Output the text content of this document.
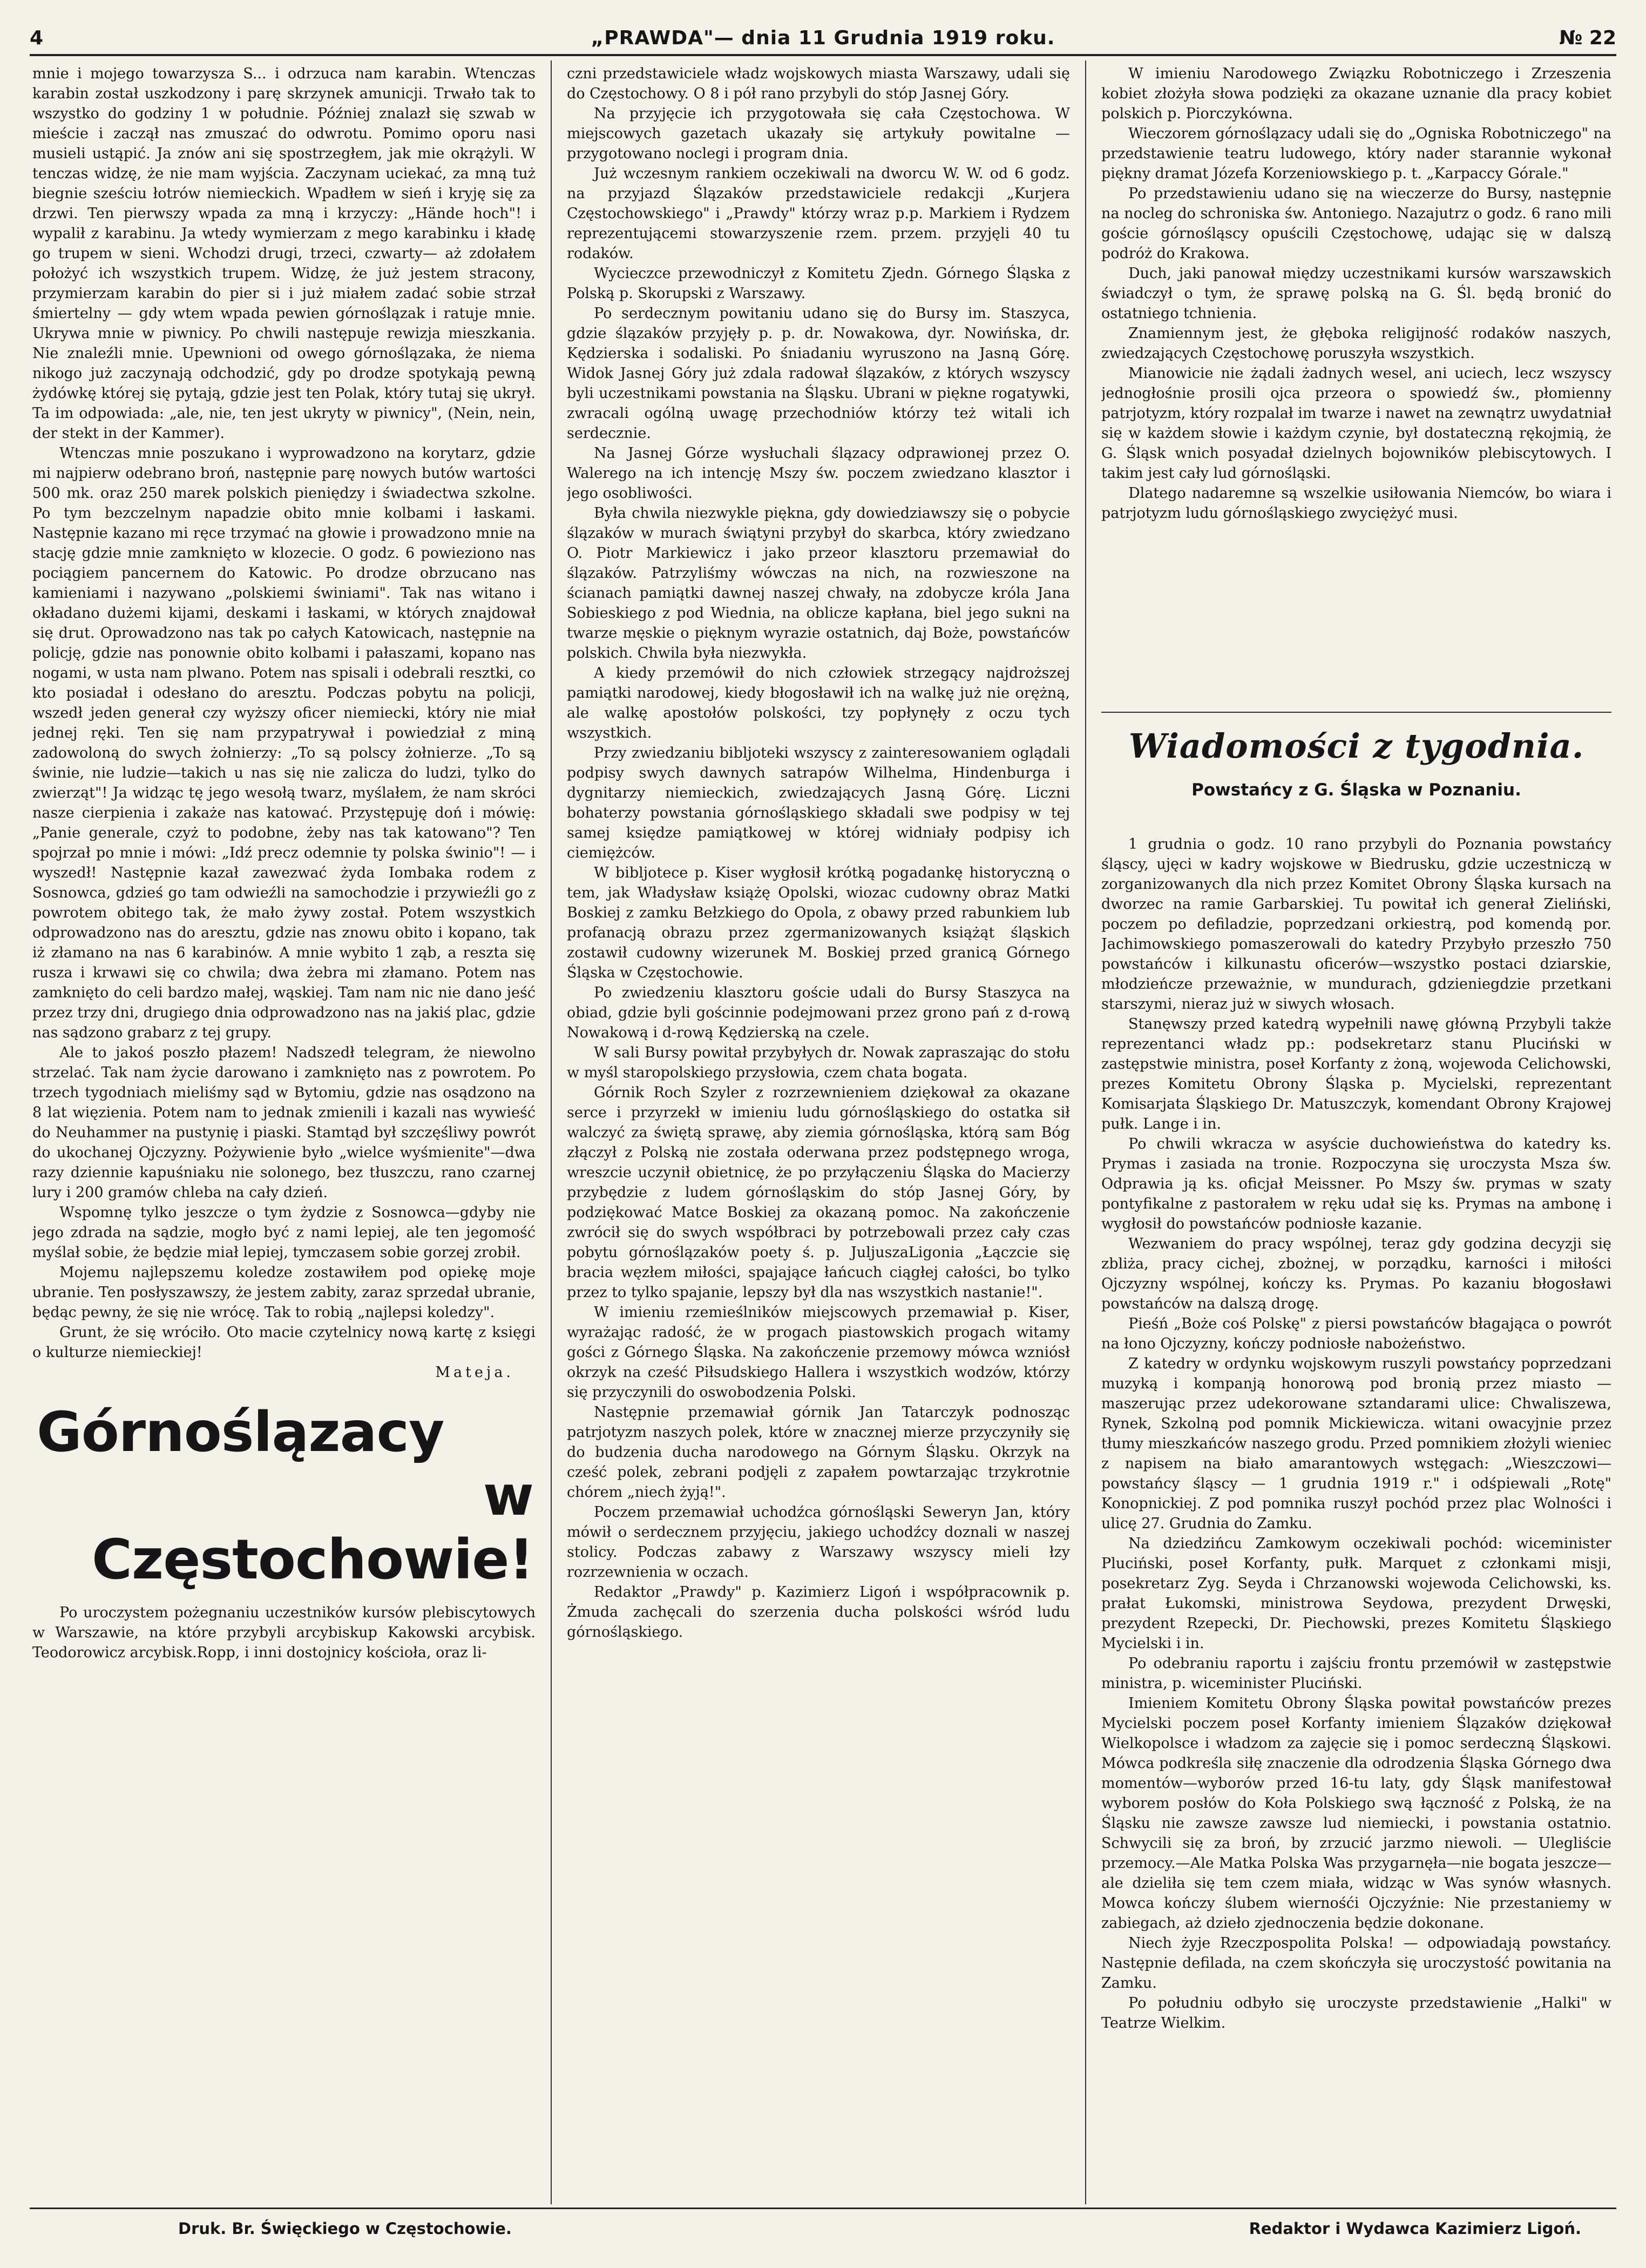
4	„PRAWDA"— dnia 11 Grudnia 1919 roku.	№ 22

mnie i mojego towarzysza S... i odrzuca nam karabin. Wtenczas karabin został uszkodzony i parę skrzynek amunicji. Trwało tak to wszystko do godziny 1 w południe. Później znalazł się szwab w mieście i zaczął nas zmuszać do odwrotu. Pomimo oporu nasi musieli ustąpić. Ja znów ani się spostrzegłem, jak mie okrążyli. W tenczas widzę, że nie mam wyjścia. Zaczynam uciekać, za mną tuż biegnie sześciu łotrów niemieckich. Wpadłem w sień i kryję się za drzwi. Ten pierwszy wpada za mną i krzyczy: „Hände hoch"! i wypalił z karabinu. Ja wtedy wymierzam z mego karabinku i kładę go trupem w sieni. Wchodzi drugi, trzeci, czwarty— aż zdołałem położyć ich wszystkich trupem. Widzę, że już jestem stracony, przymierzam karabin do pier si i już miałem zadać sobie strzał śmiertelny — gdy wtem wpada pewien górnoślązak i ratuje mnie. Ukrywa mnie w piwnicy. Po chwili następuje rewizja mieszkania. Nie znaleźli mnie. Upewnioni od owego górnoślązaka, że niema nikogo już zaczynają odchodzić, gdy po drodze spotykają pewną żydówkę której się pytają, gdzie jest ten Polak, który tutaj się ukrył. Ta im odpowiada: „ale, nie, ten jest ukryty w piwnicy", (Nein, nein, der stekt in der Kammer).

Wtenczas mnie poszukano i wyprowadzono na korytarz, gdzie mi najpierw odebrano broń, następnie parę nowych butów wartości 500 mk. oraz 250 marek polskich pieniędzy i świadectwa szkolne. Po tym bezczelnym napadzie obito mnie kolbami i łaskami. Następnie kazano mi ręce trzymać na głowie i prowadzono mnie na stację gdzie mnie zamknięto w klozecie. O godz. 6 powieziono nas pociągiem pancernem do Katowic. Po drodze obrzucano nas kamieniami i nazywano „polskiemi świniami". Tak nas witano i okładano dużemi kijami, deskami i łaskami, w których znajdował się drut. Oprowadzono nas tak po całych Katowicach, następnie na policję, gdzie nas ponownie obito kolbami i pałaszami, kopano nas nogami, w usta nam plwano. Potem nas spisali i odebrali resztki, co kto posiadał i odesłano do aresztu. Podczas pobytu na policji, wszedł jeden generał czy wyższy oficer niemiecki, który nie miał jednej ręki. Ten się nam przypatrywał i powiedział z miną zadowoloną do swych żołnierzy: „To są polscy żołnierze. „To są świnie, nie ludzie—takich u nas się nie zalicza do ludzi, tylko do zwierząt"! Ja widząc tę jego wesołą twarz, myślałem, że nam skróci nasze cierpienia i zakaże nas katować. Przystępuję doń i mówię: „Panie generale, czyż to podobne, żeby nas tak katowano"? Ten spojrzał po mnie i mówi: „Idź precz odemnie ty polska świnio"! — i wyszedł! Następnie kazał zawezwać żyda Iombaka rodem z Sosnowca, gdzieś go tam odwieźli na samochodzie i przywieźli go z powrotem obitego tak, że mało żywy został. Potem wszystkich odprowadzono nas do aresztu, gdzie nas znowu obito i kopano, tak iż złamano na nas 6 karabinów. A mnie wybito 1 ząb, a reszta się rusza i krwawi się co chwila; dwa żebra mi złamano. Potem nas zamknięto do celi bardzo małej, wąskiej. Tam nam nic nie dano jeść przez trzy dni, drugiego dnia odprowadzono nas na jakiś plac, gdzie nas sądzono grabarz z tej grupy.

Ale to jakoś poszło płazem! Nadszedł telegram, że niewolno strzelać. Tak nam życie darowano i zamknięto nas z powrotem. Po trzech tygodniach mieliśmy sąd w Bytomiu, gdzie nas osądzono na 8 lat więzienia. Potem nam to jednak zmienili i kazali nas wywieść do Neuhammer na pustynię i piaski. Stamtąd był szczęśliwy powrót do ukochanej Ojczyzny. Pożywienie było „wielce wyśmienite"—dwa razy dziennie kapuśniaku nie solonego, bez tłuszczu, rano czarnej lury i 200 gramów chleba na cały dzień.

Wspomnę tylko jeszcze o tym żydzie z Sosnowca—gdyby nie jego zdrada na sądzie, mogło być z nami lepiej, ale ten jegomość myślał sobie, że będzie miał lepiej, tymczasem sobie gorzej zrobił.

Mojemu najlepszemu koledze zostawiłem pod opiekę moje ubranie. Ten posłyszawszy, że jestem zabity, zaraz sprzedał ubranie, będąc pewny, że się nie wrócę. Tak to robią „najlepsi koledzy".

Grunt, że się wróciło. Oto macie czytelnicy nową kartę z księgi o kulturze niemieckiej!

Mateja.

Górnoślązacy
w Częstochowie!

Po uroczystem pożegnaniu uczestników kursów plebiscytowych w Warszawie, na które przybyli arcybiskup Kakowski arcybisk. Teodorowicz arcybisk.Ropp, i inni dostojnicy kościoła, oraz li-

czni przedstawiciele władz wojskowych miasta Warszawy, udali się do Częstochowy. O 8 i pół rano przybyli do stóp Jasnej Góry.

Na przyjęcie ich przygotowała się cała Częstochowa. W miejscowych gazetach ukazały się artykuły powitalne — przygotowano noclegi i program dnia.

Już wczesnym rankiem oczekiwali na dworcu W. W. od 6 godz. na przyjazd Ślązaków przedstawiciele redakcji „Kurjera Częstochowskiego" i „Prawdy" którzy wraz p.p. Markiem i Rydzem reprezentującemi stowarzyszenie rzem. przem. przyjęli 40 tu rodaków.

Wycieczce przewodniczył z Komitetu Zjedn. Górnego Śląska z Polską p. Skorupski z Warszawy.

Po serdecznym powitaniu udano się do Bursy im. Staszyca, gdzie ślązaków przyjęły p. p. dr. Nowakowa, dyr. Nowińska, dr. Kędzierska i sodaliski. Po śniadaniu wyruszono na Jasną Górę. Widok Jasnej Góry już zdala radował ślązaków, z których wszyscy byli uczestnikami powstania na Śląsku. Ubrani w piękne rogatywki, zwracali ogólną uwagę przechodniów którzy też witali ich serdecznie.

Na Jasnej Górze wysłuchali ślązacy odprawionej przez O. Walerego na ich intencję Mszy św. poczem zwiedzano klasztor i jego osobliwości.

Była chwila niezwykle piękna, gdy dowiedziawszy się o pobycie ślązaków w murach świątyni przybył do skarbca, który zwiedzano O. Piotr Markiewicz i jako przeor klasztoru przemawiał do ślązaków. Patrzyliśmy wówczas na nich, na rozwieszone na ścianach pamiątki dawnej naszej chwały, na zdobycze króla Jana Sobieskiego z pod Wiednia, na oblicze kapłana, biel jego sukni na twarze męskie o pięknym wyrazie ostatnich, daj Boże, powstańców polskich. Chwila była niezwykła.

A kiedy przemówił do nich człowiek strzegący najdroższej pamiątki narodowej, kiedy błogosławił ich na walkę już nie orężną, ale walkę apostołów polskości, tzy popłynęły z oczu tych wszystkich.

Przy zwiedzaniu bibljoteki wszyscy z zainteresowaniem oglądali podpisy swych dawnych satrapów Wilhelma, Hindenburga i dygnitarzy niemieckich, zwiedzających Jasną Górę. Liczni bohaterzy powstania górnośląskiego składali swe podpisy w tej samej księdze pamiątkowej w której widniały podpisy ich ciemiężców.

W bibljotece p. Kiser wygłosił krótką pogadankę historyczną o tem, jak Władysław książę Opolski, wiozac cudowny obraz Matki Boskiej z zamku Bełzkiego do Opola, z obawy przed rabunkiem lub profanacją obrazu przez zgermanizowanych książąt śląskich zostawił cudowny wizerunek M. Boskiej przed granicą Górnego Śląska w Częstochowie.

Po zwiedzeniu klasztoru goście udali do Bursy Staszyca na obiad, gdzie byli gościnnie podejmowani przez grono pań z d-rową Nowakową i d-rową Kędzierską na czele.

W sali Bursy powitał przybyłych dr. Nowak zapraszając do stołu w myśl staropolskiego przysłowia, czem chata bogata.

Górnik Roch Szyler z rozrzewnieniem dziękował za okazane serce i przyrzekł w imieniu ludu górnośląskiego do ostatka sił walczyć za świętą sprawę, aby ziemia górnośląska, którą sam Bóg złączył z Polską nie została oderwana przez podstępnego wroga, wreszcie uczynił obietnicę, że po przyłączeniu Śląska do Macierzy przybędzie z ludem górnośląskim do stóp Jasnej Góry, by podziękować Matce Boskiej za okazaną pomoc. Na zakończenie zwrócił się do swych współbraci by potrzebowali przez cały czas pobytu górnoślązaków poety ś. p. JuljuszaLigonia „Łączcie się bracia węzłem miłości, spajające łańcuch ciągłej całości, bo tylko przez to tylko spajanie, lepszy był dla nas wszystkich nastanie!".

W imieniu rzemieślników miejscowych przemawiał p. Kiser, wyrażając radość, że w progach piastowskich progach witamy gości z Górnego Śląska. Na zakończenie przemowy mówca wzniósł okrzyk na cześć Piłsudskiego Hallera i wszystkich wodzów, którzy się przyczynili do oswobodzenia Polski.

Następnie przemawiał górnik Jan Tatarczyk podnosząc patrjotyzm naszych polek, które w znacznej mierze przyczyniły się do budzenia ducha narodowego na Górnym Śląsku. Okrzyk na cześć polek, zebrani podjęli z zapałem powtarzając trzykrotnie chórem „niech żyją!".

Poczem przemawiał uchodźca górnośląski Seweryn Jan, który mówił o serdecznem przyjęciu, jakiego uchodźcy doznali w naszej stolicy. Podczas zabawy z Warszawy wszyscy mieli łzy rozrzewnienia w oczach.

Redaktor „Prawdy" p. Kazimierz Ligoń i współpracownik p. Żmuda zachęcali do szerzenia ducha polskości wśród ludu górnośląskiego.

W imieniu Narodowego Związku Robotniczego i Zrzeszenia kobiet złożyła słowa podzięki za okazane uznanie dla pracy kobiet polskich p. Piorczykówna.

Wieczorem górnoślązacy udali się do „Ogniska Robotniczego" na przedstawienie teatru ludowego, który nader starannie wykonał piękny dramat Józefa Korzeniowskiego p. t. „Karpaccy Górale."

Po przedstawieniu udano się na wieczerze do Bursy, następnie na nocleg do schroniska św. Antoniego. Nazajutrz o godz. 6 rano mili goście górnośląscy opuścili Częstochowę, udając się w dalszą podróż do Krakowa.

Duch, jaki panował między uczestnikami kursów warszawskich świadczył o tym, że sprawę polską na G. Śl. będą bronić do ostatniego tchnienia.

Znamiennym jest, że głęboka religijność rodaków naszych, zwiedzających Częstochowę poruszyła wszystkich.

Mianowicie nie żądali żadnych wesel, ani uciech, lecz wszyscy jednogłośnie prosili ojca przeora o spowiedź św., płomienny patrjotyzm, który rozpalał im twarze i nawet na zewnątrz uwydatniał się w każdem słowie i każdym czynie, był dostateczną rękojmią, że G. Śląsk wnich posyadał dzielnych bojowników plebiscytowych. I takim jest cały lud górnośląski.

Dlatego nadaremne są wszelkie usiłowania Niemców, bo wiara i patrjotyzm ludu górnośląskiego zwyciężyć musi.

Wiadomości z tygodnia.
Powstańcy z G. Śląska w Poznaniu.

1 grudnia o godz. 10 rano przybyli do Poznania powstańcy śląscy, ujęci w kadry wojskowe w Biedrusku, gdzie uczestniczą w zorganizowanych dla nich przez Komitet Obrony Śląska kursach na dworzec na ramie Garbarskiej. Tu powitał ich generał Zieliński, poczem po defiladzie, poprzedzani orkiestrą, pod komendą por. Jachimowskiego pomaszerowali do katedry Przybyło przeszło 750 powstańców i kilkunastu oficerów—wszystko postaci dziarskie, młodzieńcze przeważnie, w mundurach, gdzieniegdzie przetkani starszymi, nieraz już w siwych włosach.

Stanęwszy przed katedrą wypełnili nawę główną Przybyli także reprezentanci władz pp.: podsekretarz stanu Pluciński w zastępstwie ministra, poseł Korfanty z żoną, wojewoda Celichowski, prezes Komitetu Obrony Śląska p. Mycielski, reprezentant Komisarjata Śląskiego Dr. Matuszczyk, komendant Obrony Krajowej pułk. Lange i in.

Po chwili wkracza w asyście duchowieństwa do katedry ks. Prymas i zasiada na tronie. Rozpoczyna się uroczysta Msza św. Odprawia ją ks. oficjał Meissner. Po Mszy św. prymas w szaty pontyfikalne z pastorałem w ręku udał się ks. Prymas na ambonę i wygłosił do powstańców podniosłe kazanie.

Wezwaniem do pracy wspólnej, teraz gdy godzina decyzji się zbliża, pracy cichej, zbożnej, w porządku, karności i miłości Ojczyzny wspólnej, kończy ks. Prymas. Po kazaniu błogosławi powstańców na dalszą drogę.

Pieśń „Boże coś Polskę" z piersi powstańców błagająca o powrót na łono Ojczyzny, kończy podniosłe nabożeństwo.

Z katedry w ordynku wojskowym ruszyli powstańcy poprzedzani muzyką i kompanją honorową pod bronią przez miasto — maszerując przez udekorowane sztandarami ulice: Chwaliszewa, Rynek, Szkolną pod pomnik Mickiewicza. witani owacyjnie przez tłumy mieszkańców naszego grodu. Przed pomnikiem złożyli wieniec z napisem na biało amarantowych wstęgach: „Wieszczowi—powstańcy śląscy — 1 grudnia 1919 r." i odśpiewali „Rotę" Konopnickiej. Z pod pomnika ruszył pochód przez plac Wolności i ulicę 27. Grudnia do Zamku.

Na dziedzińcu Zamkowym oczekiwali pochód: wiceminister Pluciński, poseł Korfanty, pułk. Marquet z członkami misji, posekretarz Zyg. Seyda i Chrzanowski wojewoda Celichowski, ks. prałat Łukomski, ministrowa Seydowa, prezydent Drwęski, prezydent Rzepecki, Dr. Piechowski, prezes Komitetu Śląskiego Mycielski i in.

Po odebraniu raportu i zajściu frontu przemówił w zastępstwie ministra, p. wiceminister Pluciński.

Imieniem Komitetu Obrony Śląska powitał powstańców prezes Mycielski poczem poseł Korfanty imieniem Ślązaków dziękował Wielkopolsce i władzom za zajęcie się i pomoc serdeczną Śląskowi. Mówca podkreśla siłę znaczenie dla odrodzenia Śląska Górnego dwa momentów—wyborów przed 16-tu laty, gdy Śląsk manifestował wyborem posłów do Koła Polskiego swą łączność z Polską, że na Śląsku nie zawsze zawsze lud niemiecki, i powstania ostatnio. Schwycili się za broń, by zrzucić jarzmo niewoli. — Ulegliście przemocy.—Ale Matka Polska Was przygarnęła—nie bogata jeszcze—ale dzieliła się tem czem miała, widząc w Was synów własnych. Mowca kończy ślubem wiernośći Ojczyźnie: Nie przestaniemy w zabiegach, aż dzieło zjednoczenia będzie dokonane.

Niech żyje Rzeczpospolita Polska! — odpowiadają powstańcy. Następnie defilada, na czem skończyła się uroczystość powitania na Zamku.

Po południu odbyło się uroczyste przedstawienie „Halki" w Teatrze Wielkim.

Druk. Br. Święckiego w Częstochowie.	Redaktor i Wydawca Kazimierz Ligoń.
